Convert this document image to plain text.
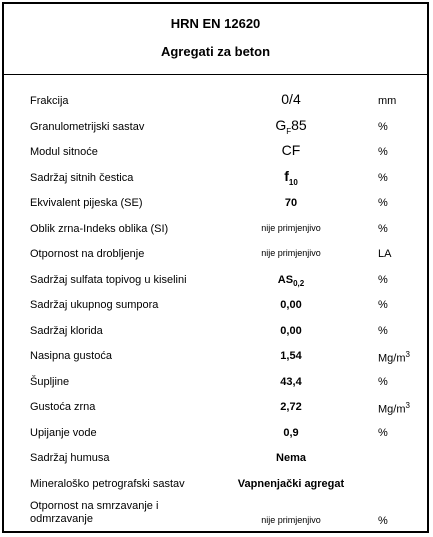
HRN EN 12620
Agregati za beton
Frakcija	0/4	mm
Granulometrijski sastav	$G_F85$	%
Modul sitnoće	CF	%
Sadržaj sitnih čestica	$f_{10}$	%
Ekvivalent pijeska (SE)	70	%
Oblik zrna-Indeks oblika (SI)	nije primjenjivo	%
Otpornost na drobljenje	nije primjenjivo	LA
Sadržaj sulfata topivog u kiselini	$AS_{0,2}$	%
Sadržaj ukupnog sumpora	0,00	%
Sadržaj klorida	0,00	%
Nasipna gustoća	1,54	$Mg/m^3$
Šupljine	43,4	%
Gustoća zrna	2,72	$Mg/m^3$
Upijanje vode	0,9	%
Sadržaj humusa	Nema
Mineraloško petrografski sastav	Vapnenjački agregat
Otpornost na smrzavanje i odmrzavanje	nije primjenjivo	%
